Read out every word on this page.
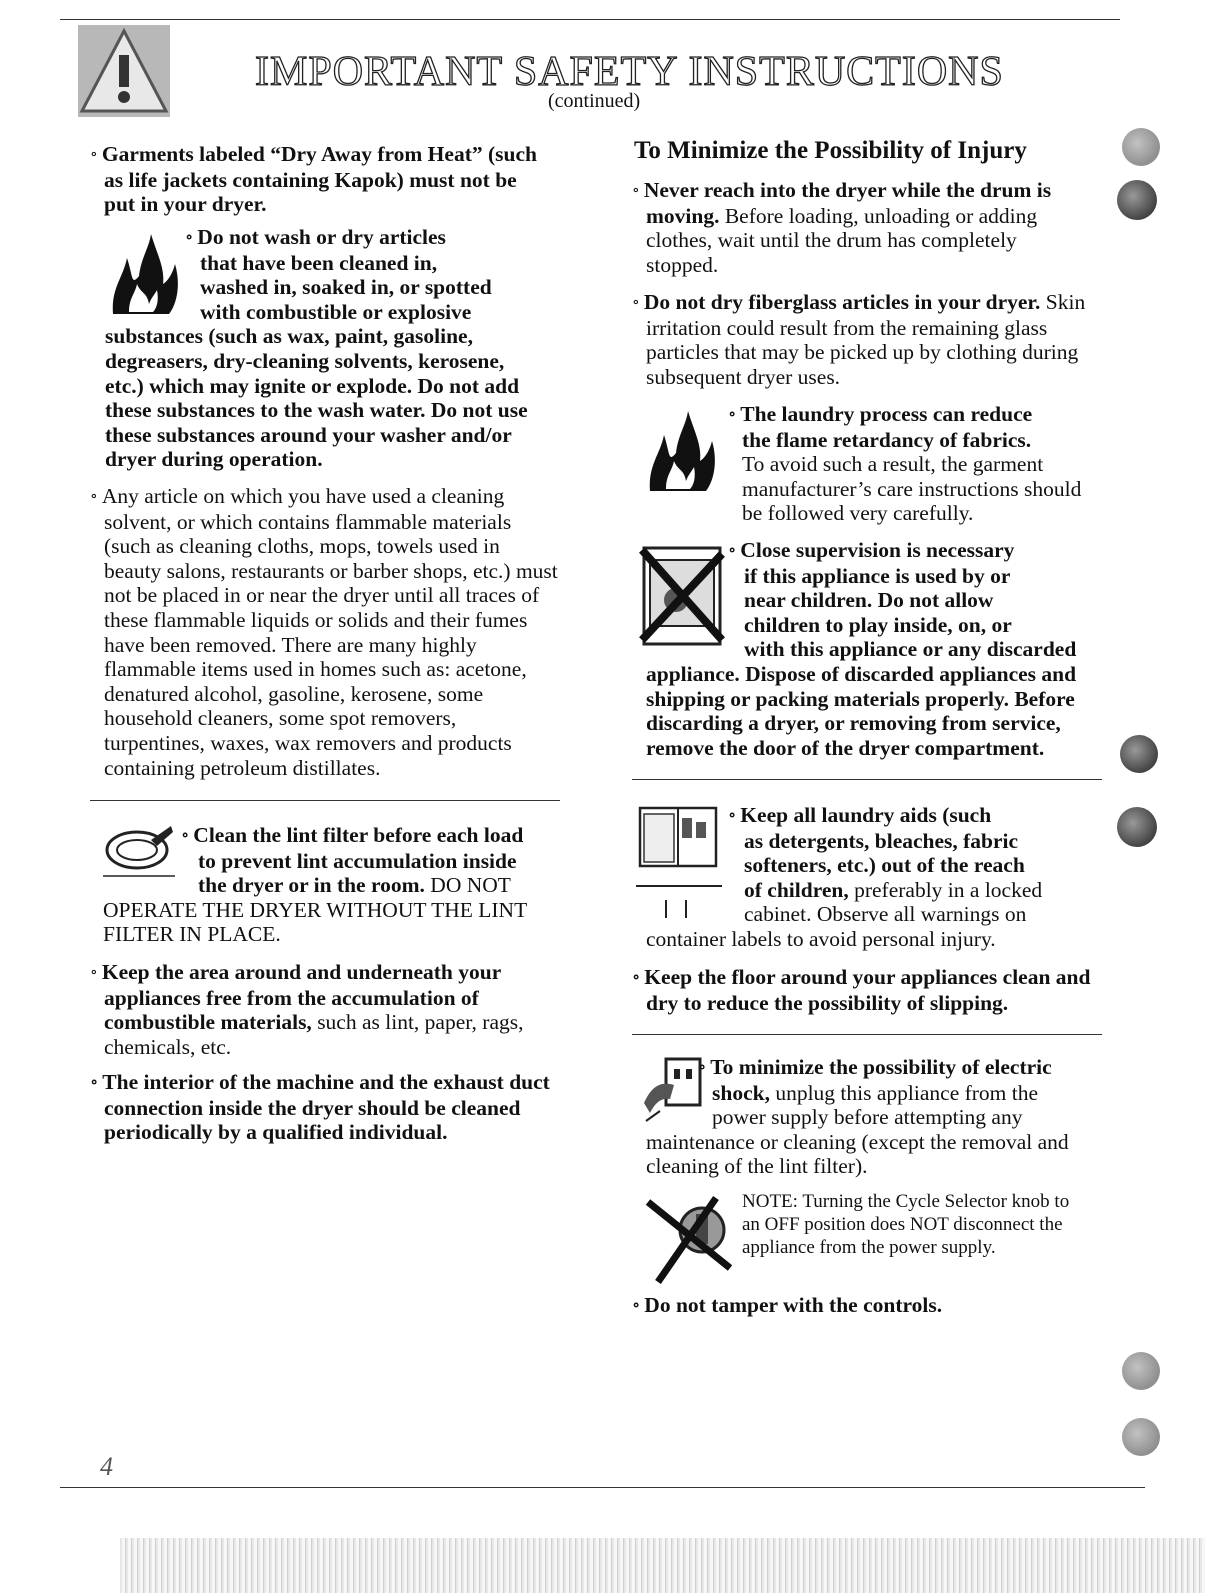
IMPORTANT SAFETY INSTRUCTIONS
(continued)
∘ Garments labeled “Dry Away from Heat” (such as life jackets containing Kapok) must not be put in your dryer.
∘ Do not wash or dry articles
that have been cleaned in,
washed in, soaked in, or spotted
with combustible or explosive
substances (such as wax, paint, gasoline, degreasers, dry-cleaning solvents, kerosene, etc.) which may ignite or explode. Do not add these substances to the wash water. Do not use these substances around your washer and/or dryer during operation.
∘ Any article on which you have used a cleaning solvent, or which contains flammable materials (such as cleaning cloths, mops, towels used in beauty salons, restaurants or barber shops, etc.) must not be placed in or near the dryer until all traces of these flammable liquids or solids and their fumes have been removed. There are many highly flammable items used in homes such as: acetone, denatured alcohol, gasoline, kerosene, some household cleaners, some spot removers, turpentines, waxes, wax removers and products containing petroleum distillates.
∘ Clean the lint filter before each load
to prevent lint accumulation inside
the dryer or in the room. DO NOT
OPERATE THE DRYER WITHOUT THE LINT FILTER IN PLACE.
∘ Keep the area around and underneath your appliances free from the accumulation of combustible materials, such as lint, paper, rags, chemicals, etc.
∘ The interior of the machine and the exhaust duct connection inside the dryer should be cleaned periodically by a qualified individual.
To Minimize the Possibility of Injury
∘ Never reach into the dryer while the drum is moving. Before loading, unloading or adding clothes, wait until the drum has completely stopped.
∘ Do not dry fiberglass articles in your dryer. Skin irritation could result from the remaining glass particles that may be picked up by clothing during subsequent dryer uses.
∘ The laundry process can reduce
the flame retardancy of fabrics.
To avoid such a result, the garment manufacturer’s care instructions should be followed very carefully.
∘ Close supervision is necessary
if this appliance is used by or
near children. Do not allow
children to play inside, on, or
with this appliance or any discarded
appliance. Dispose of discarded appliances and shipping or packing materials properly. Before discarding a dryer, or removing from service, remove the door of the dryer compartment.
∘ Keep all laundry aids (such
as detergents, bleaches, fabric
softeners, etc.) out of the reach
of children, preferably in a locked
cabinet. Observe all warnings on
container labels to avoid personal injury.
∘ Keep the floor around your appliances clean and dry to reduce the possibility of slipping.
∘ To minimize the possibility of electric
shock, unplug this appliance from the
power supply before attempting any
maintenance or cleaning (except the removal and cleaning of the lint filter).
NOTE: Turning the Cycle Selector knob to an OFF position does NOT disconnect the appliance from the power supply.
∘ Do not tamper with the controls.
4
